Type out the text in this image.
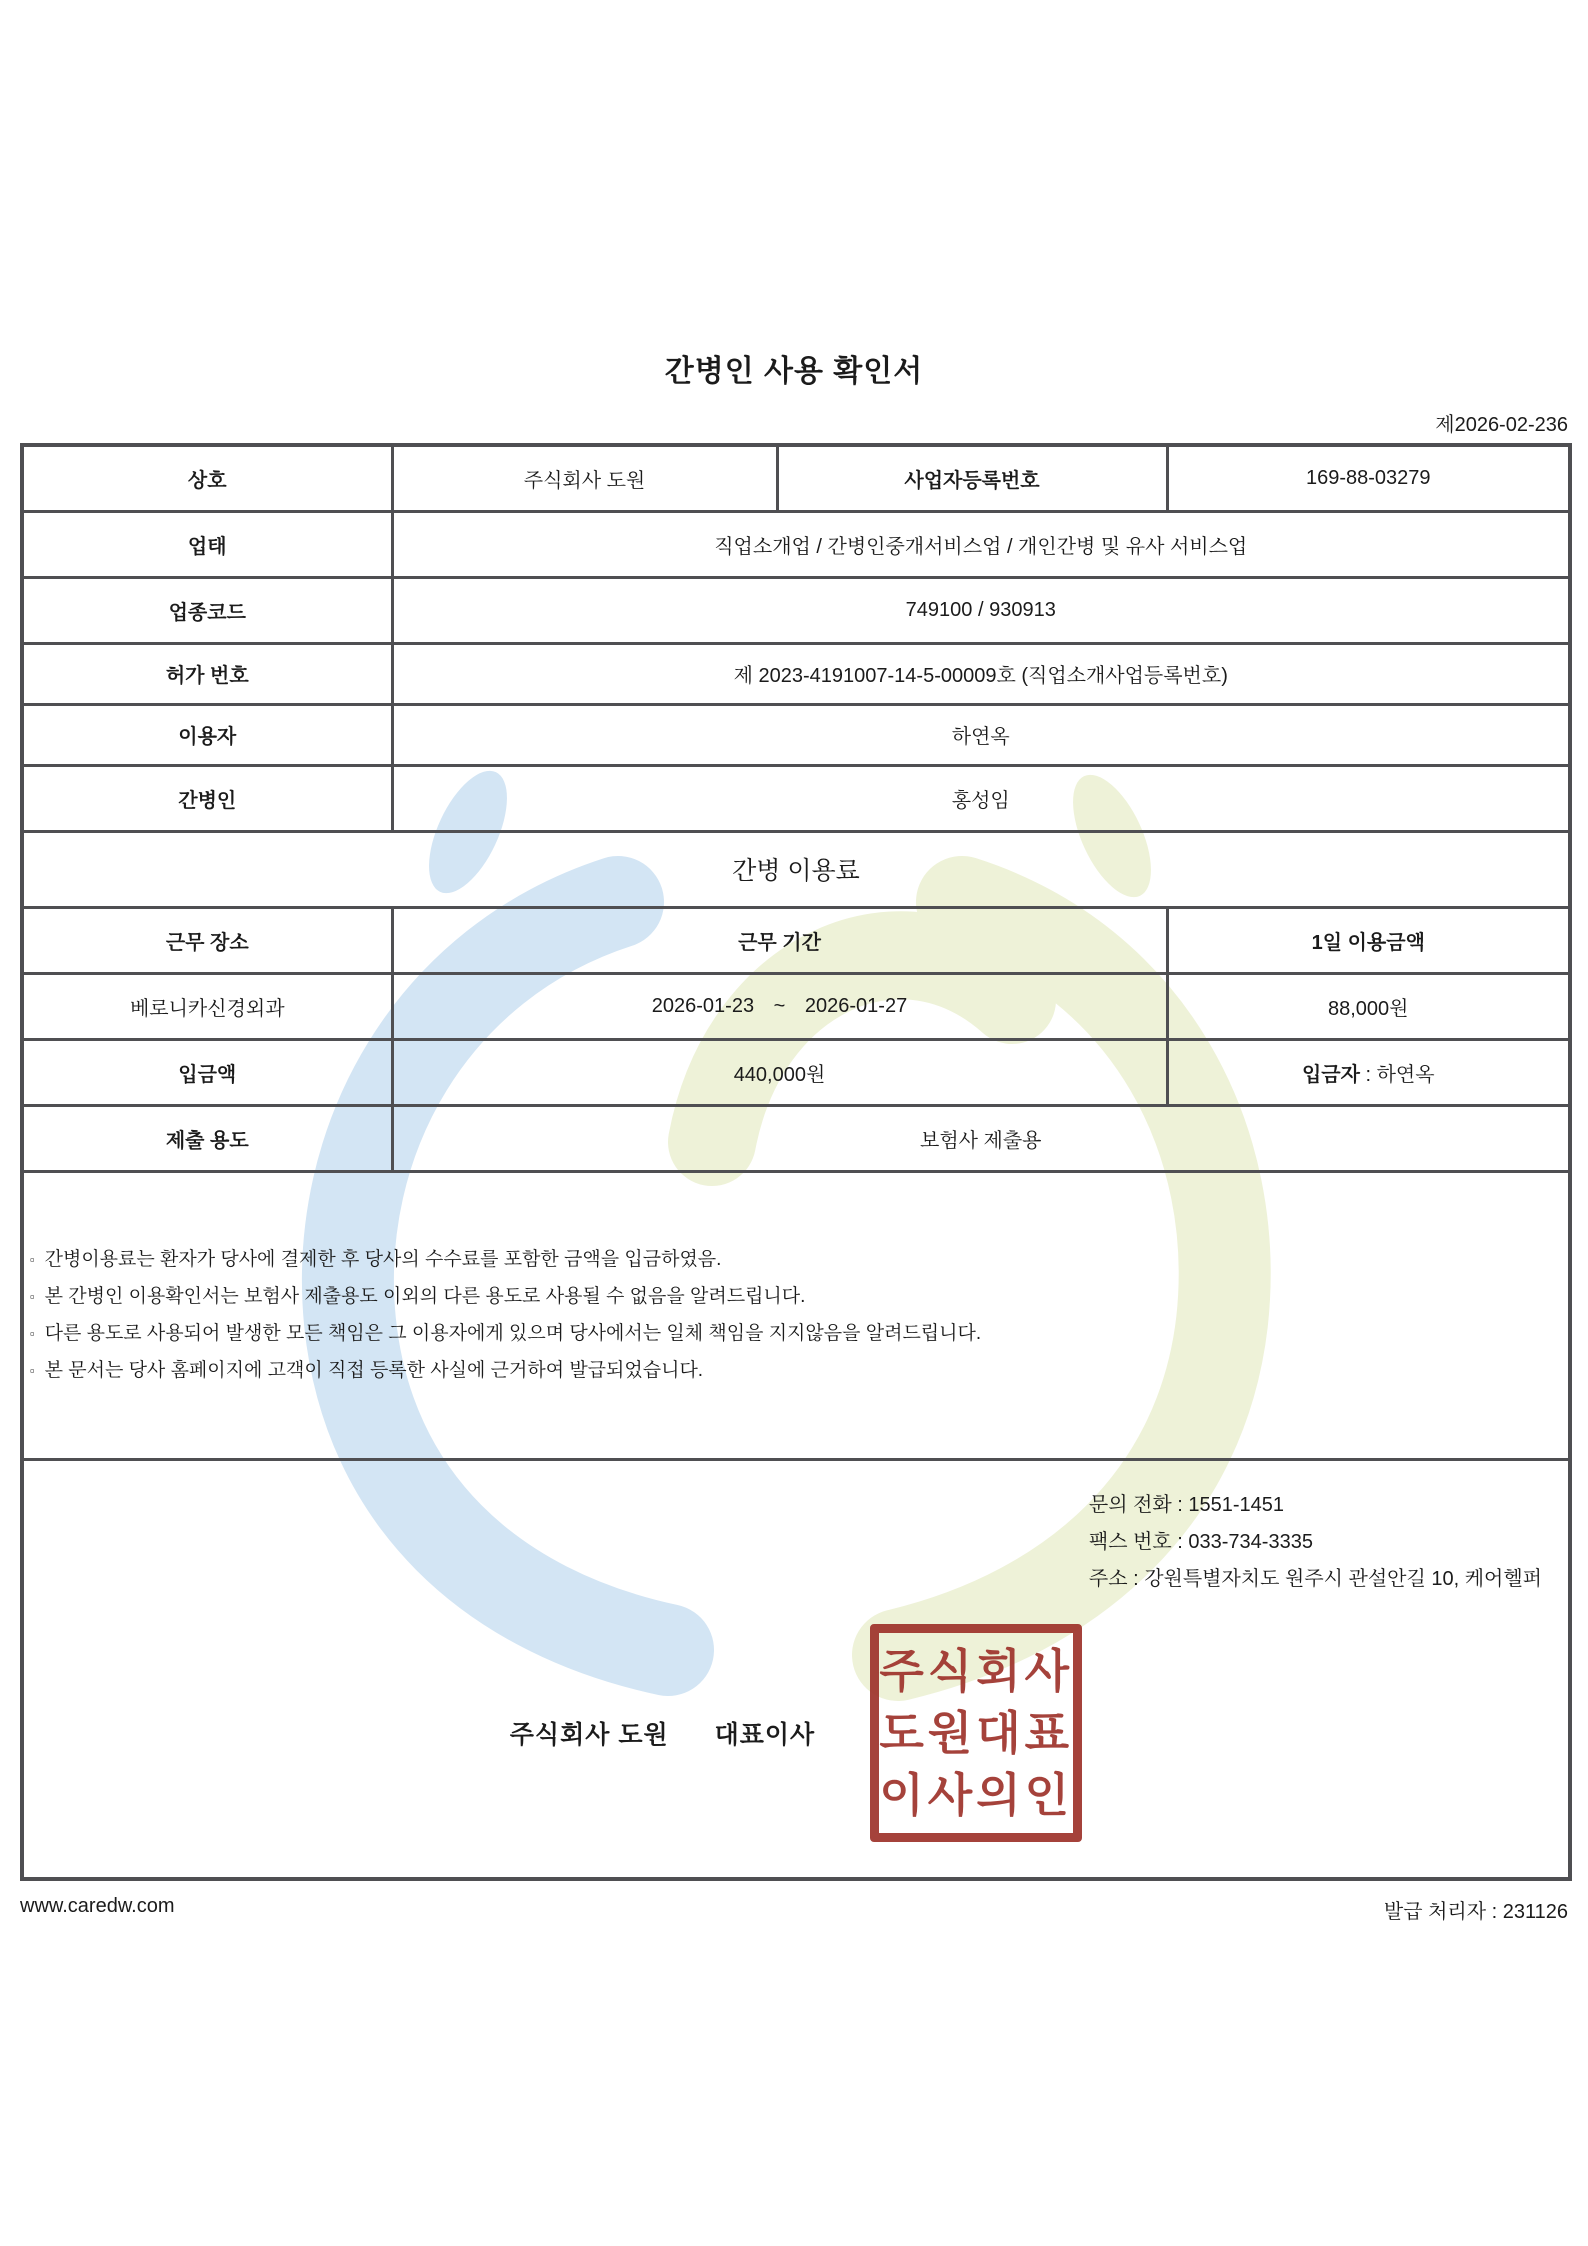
간병인 사용 확인서
제2026-02-236
상호	주식회사 도원	사업자등록번호	169-88-03279
업태	직업소개업 / 간병인중개서비스업 / 개인간병 및 유사 서비스업		
업종코드	749100 / 930913		
허가 번호	제 2023-4191007-14-5-00009호 (직업소개사업등록번호)		
이용자	하연옥		
간병인	홍성임		
간병 이용료			
근무 장소	근무 기간		1일 이용금액
베로니카신경외과	2026-01-23 ~ 2026-01-27		88,000원
입금액	440,000원		입금자 : 하연옥
제출 용도	보험사 제출용		

▫ 간병이용료는 환자가 당사에 결제한 후 당사의 수수료를 포함한 금액을 입금하였음.
▫ 본 간병인 이용확인서는 보험사 제출용도 이외의 다른 용도로 사용될 수 없음을 알려드립니다.
▫ 다른 용도로 사용되어 발생한 모든 책임은 그 이용자에게 있으며 당사에서는 일체 책임을 지지않음을 알려드립니다.
▫ 본 문서는 당사 홈페이지에 고객이 직접 등록한 사실에 근거하여 발급되었습니다.

문의 전화 : 1551-1451
팩스 번호 : 033-734-3335
주소 : 강원특별자치도 원주시 관설안길 10, 케어헬퍼
주식회사 도원 대표이사
주식회사
도원대표
이사의인
www.caredw.com	발급 처리자 : 231126
